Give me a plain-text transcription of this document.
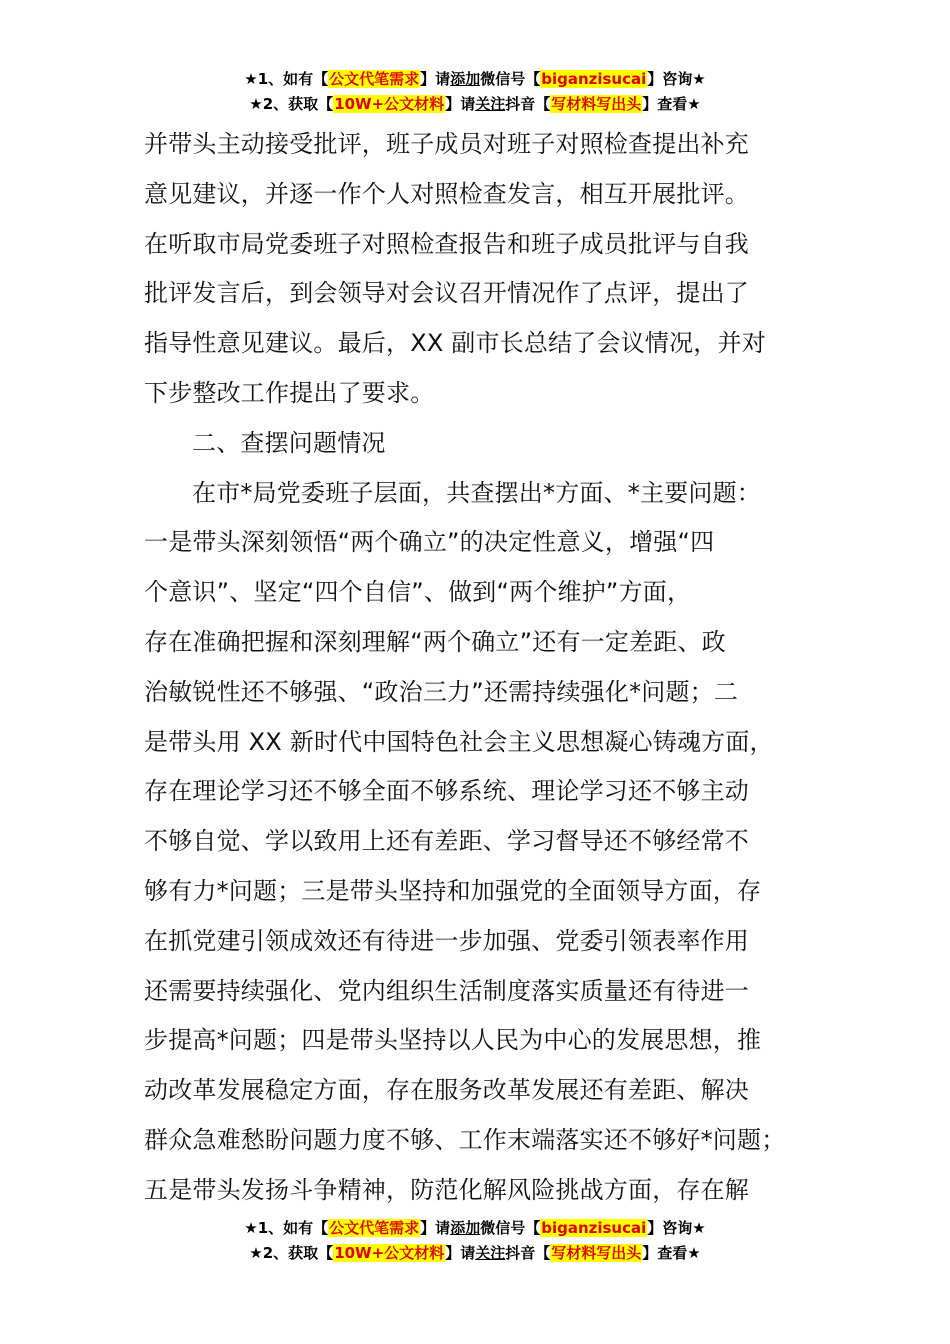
★1、如有【公文代笔需求】请添加微信号【biganzisucai】咨询★
★2、获取【10W+公文材料】请关注抖音【写材料写出头】查看★
并带头主动接受批评，班子成员对班子对照检查提出补充
意见建议，并逐一作个人对照检查发言，相互开展批评。
在听取市局党委班子对照检查报告和班子成员批评与自我
批评发言后，到会领导对会议召开情况作了点评，提出了
指导性意见建议。最后，XX 副市长总结了会议情况，并对
下步整改工作提出了要求。
二、查摆问题情况
在市*局党委班子层面，共查摆出*方面、*主要问题：
一是带头深刻领悟“两个确立”的决定性意义，增强“四
个意识”、坚定“四个自信”、做到“两个维护”方面，
存在准确把握和深刻理解“两个确立”还有一定差距、政
治敏锐性还不够强、“政治三力”还需持续强化*问题；二
是带头用 XX 新时代中国特色社会主义思想凝心铸魂方面，
存在理论学习还不够全面不够系统、理论学习还不够主动
不够自觉、学以致用上还有差距、学习督导还不够经常不
够有力*问题；三是带头坚持和加强党的全面领导方面，存
在抓党建引领成效还有待进一步加强、党委引领表率作用
还需要持续强化、党内组织生活制度落实质量还有待进一
步提高*问题；四是带头坚持以人民为中心的发展思想，推
动改革发展稳定方面，存在服务改革发展还有差距、解决
群众急难愁盼问题力度不够、工作末端落实还不够好*问题；
五是带头发扬斗争精神，防范化解风险挑战方面，存在解
★1、如有【公文代笔需求】请添加微信号【biganzisucai】咨询★
★2、获取【10W+公文材料】请关注抖音【写材料写出头】查看★
